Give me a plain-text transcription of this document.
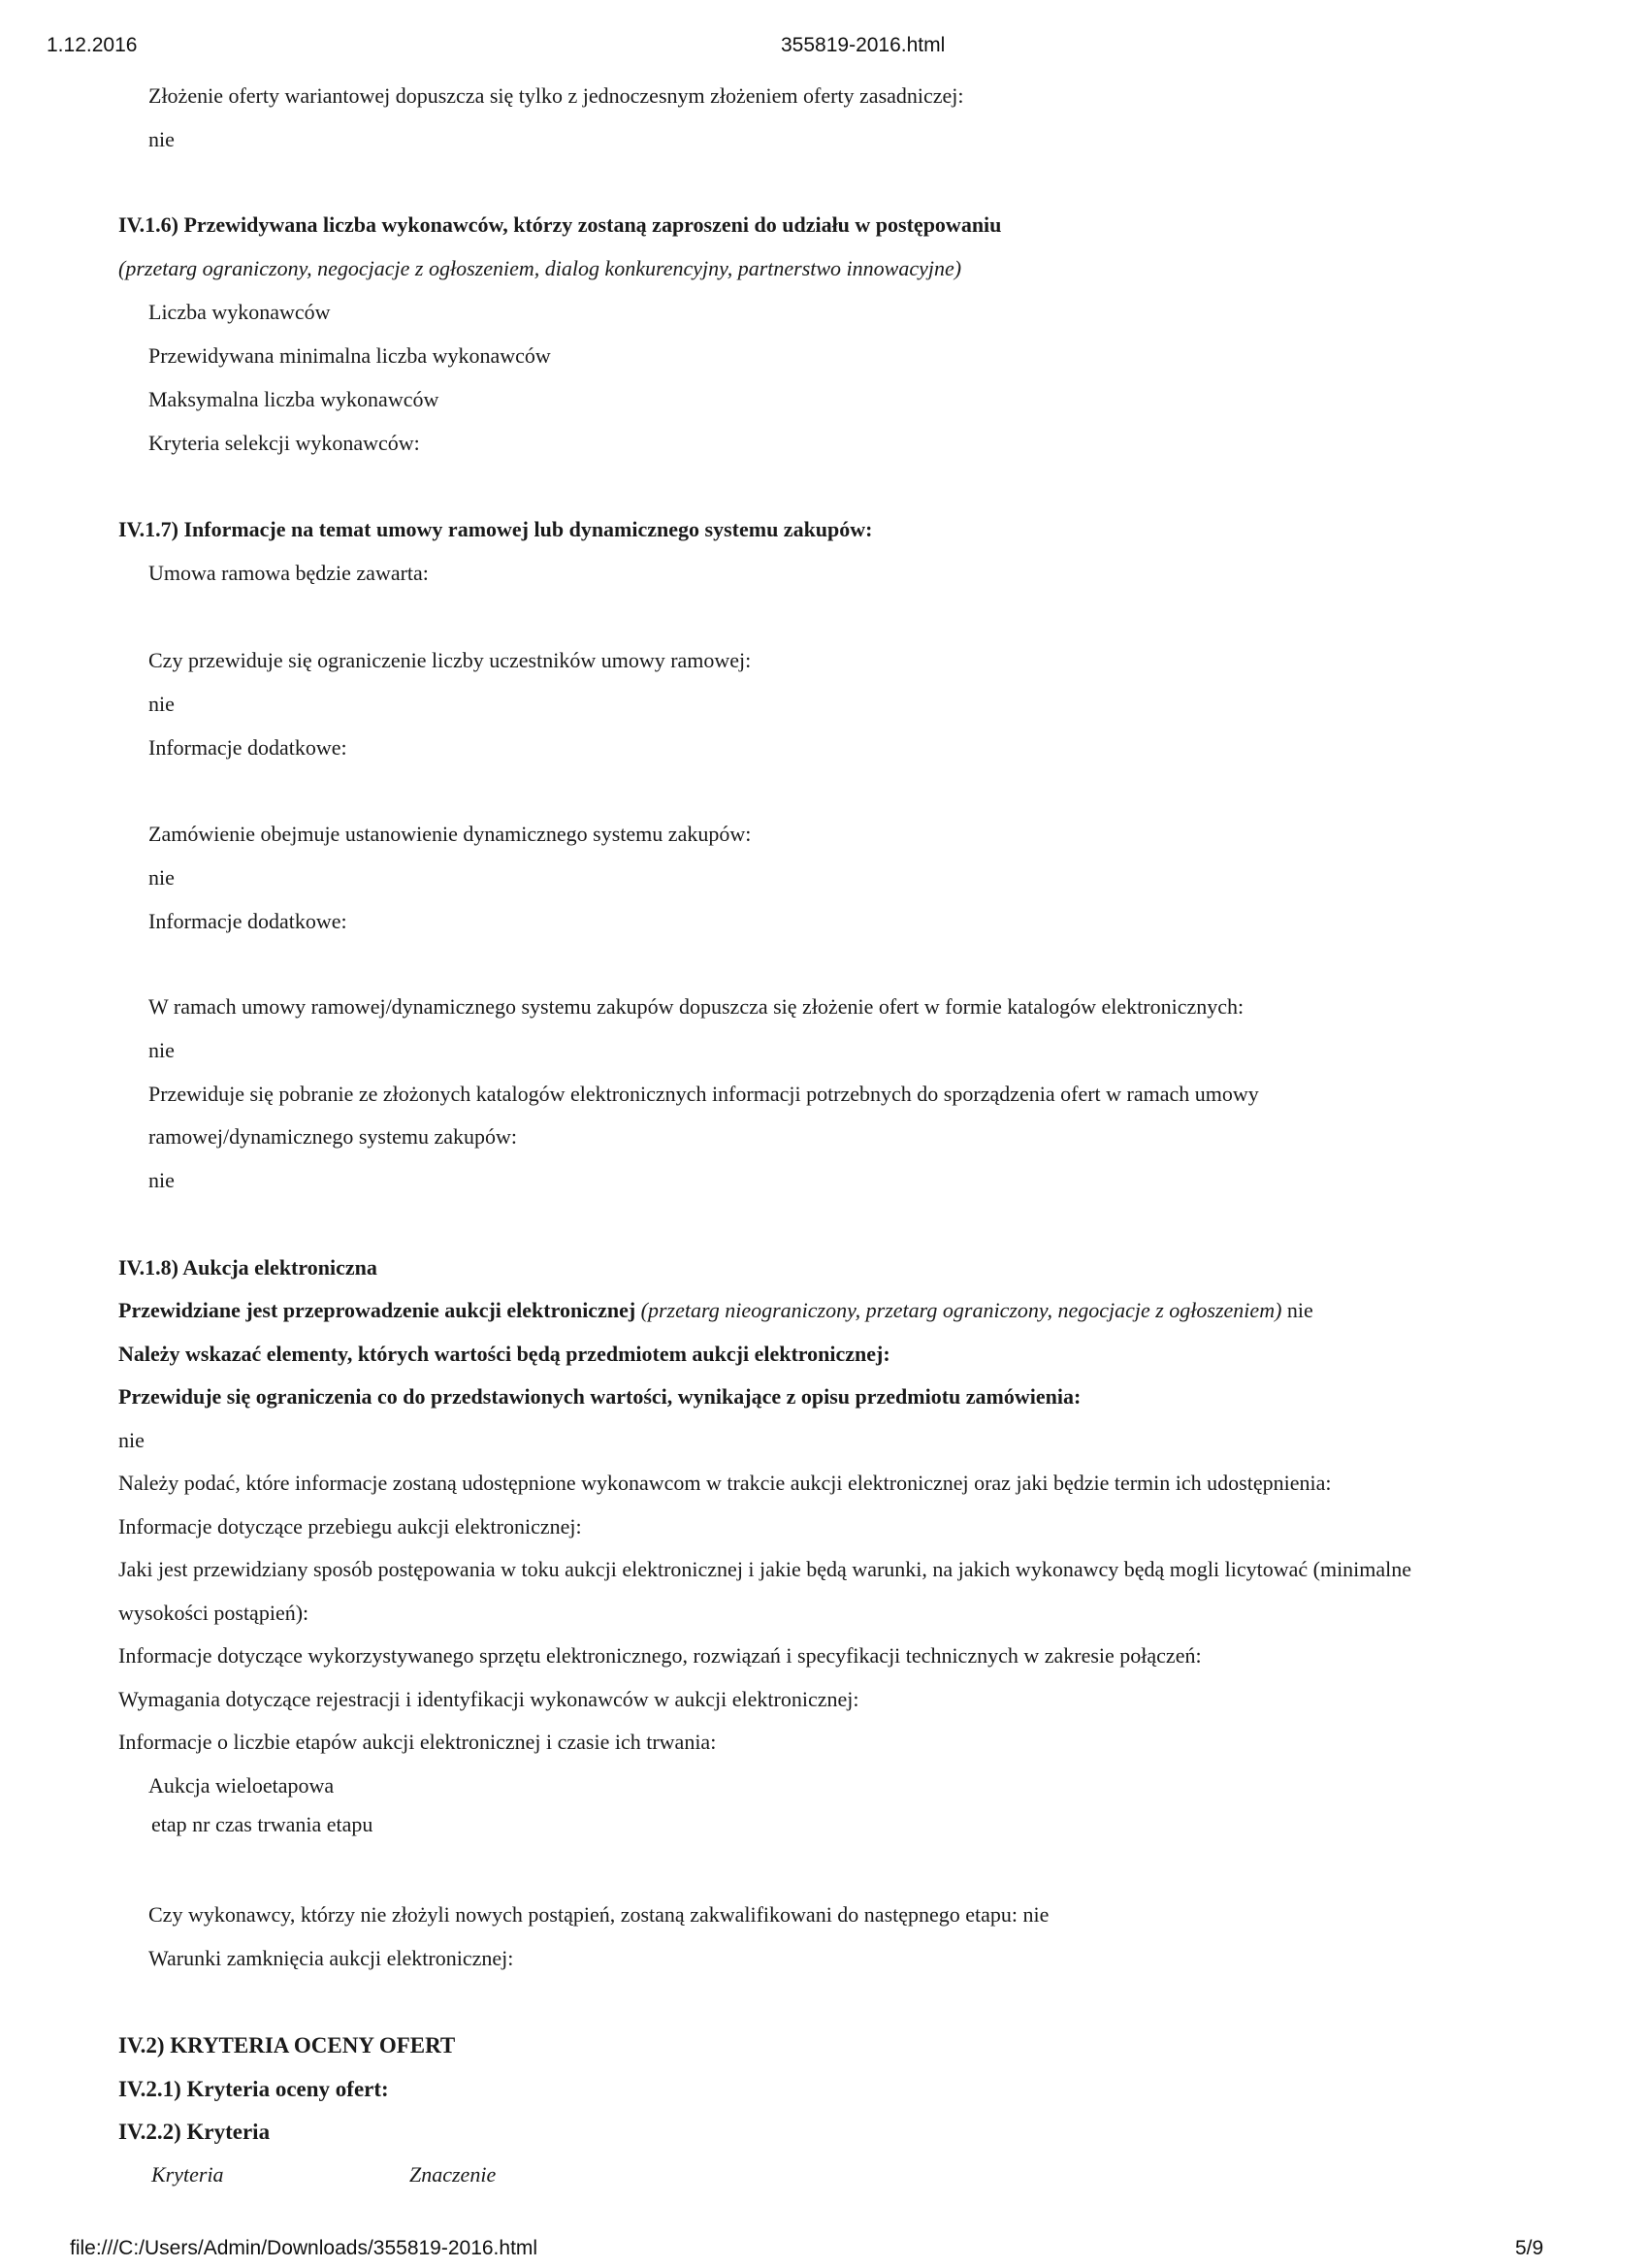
1.12.2016	355819-2016.html
Złożenie oferty wariantowej dopuszcza się tylko z jednoczesnym złożeniem oferty zasadniczej:
nie
IV.1.6) Przewidywana liczba wykonawców, którzy zostaną zaproszeni do udziału w postępowaniu
(przetarg ograniczony, negocjacje z ogłoszeniem, dialog konkurencyjny, partnerstwo innowacyjne)
Liczba wykonawców
Przewidywana minimalna liczba wykonawców
Maksymalna liczba wykonawców
Kryteria selekcji wykonawców:
IV.1.7) Informacje na temat umowy ramowej lub dynamicznego systemu zakupów:
Umowa ramowa będzie zawarta:
Czy przewiduje się ograniczenie liczby uczestników umowy ramowej:
nie
Informacje dodatkowe:
Zamówienie obejmuje ustanowienie dynamicznego systemu zakupów:
nie
Informacje dodatkowe:
W ramach umowy ramowej/dynamicznego systemu zakupów dopuszcza się złożenie ofert w formie katalogów elektronicznych:
nie
Przewiduje się pobranie ze złożonych katalogów elektronicznych informacji potrzebnych do sporządzenia ofert w ramach umowy
ramowej/dynamicznego systemu zakupów:
nie
IV.1.8) Aukcja elektroniczna
Przewidziane jest przeprowadzenie aukcji elektronicznej (przetarg nieograniczony, przetarg ograniczony, negocjacje z ogłoszeniem) nie
Należy wskazać elementy, których wartości będą przedmiotem aukcji elektronicznej:
Przewiduje się ograniczenia co do przedstawionych wartości, wynikające z opisu przedmiotu zamówienia:
nie
Należy podać, które informacje zostaną udostępnione wykonawcom w trakcie aukcji elektronicznej oraz jaki będzie termin ich udostępnienia:
Informacje dotyczące przebiegu aukcji elektronicznej:
Jaki jest przewidziany sposób postępowania w toku aukcji elektronicznej i jakie będą warunki, na jakich wykonawcy będą mogli licytować (minimalne
wysokości postąpień):
Informacje dotyczące wykorzystywanego sprzętu elektronicznego, rozwiązań i specyfikacji technicznych w zakresie połączeń:
Wymagania dotyczące rejestracji i identyfikacji wykonawców w aukcji elektronicznej:
Informacje o liczbie etapów aukcji elektronicznej i czasie ich trwania:
Aukcja wieloetapowa
etap nr czas trwania etapu
Czy wykonawcy, którzy nie złożyli nowych postąpień, zostaną zakwalifikowani do następnego etapu: nie
Warunki zamknięcia aukcji elektronicznej:
IV.2) KRYTERIA OCENY OFERT
IV.2.1) Kryteria oceny ofert:
IV.2.2) Kryteria
Kryteria	Znaczenie
file:///C:/Users/Admin/Downloads/355819-2016.html	5/9
